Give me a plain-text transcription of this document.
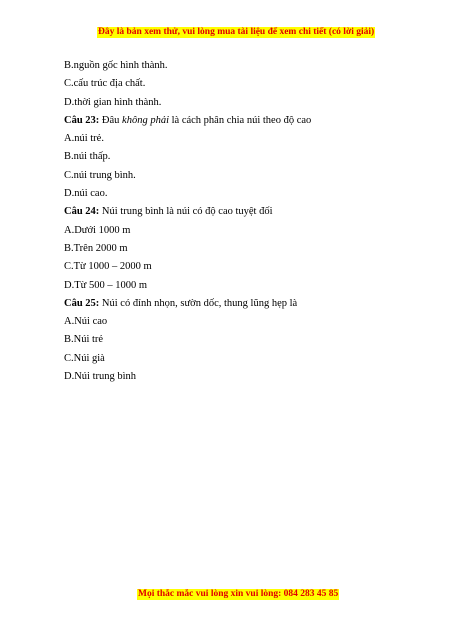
Đây là bản xem thử, vui lòng mua tài liệu để xem chi tiết (có lời giải)
B.nguồn gốc hình thành.
C.cấu trúc địa chất.
D.thời gian hình thành.
Câu 23: Đâu không phải là cách phân chia núi theo độ cao
A.núi trẻ.
B.núi thấp.
C.núi trung bình.
D.núi cao.
Câu 24: Núi trung bình là núi có độ cao tuyệt đối
A.Dưới 1000 m
B.Trên 2000 m
C.Từ 1000 – 2000 m
D.Từ 500 – 1000 m
Câu 25: Núi có đỉnh nhọn, sườn dốc, thung lũng hẹp là
A.Núi cao
B.Núi trẻ
C.Núi già
D.Núi trung bình
Mọi thắc mắc vui lòng xin vui lòng: 084 283 45 85
